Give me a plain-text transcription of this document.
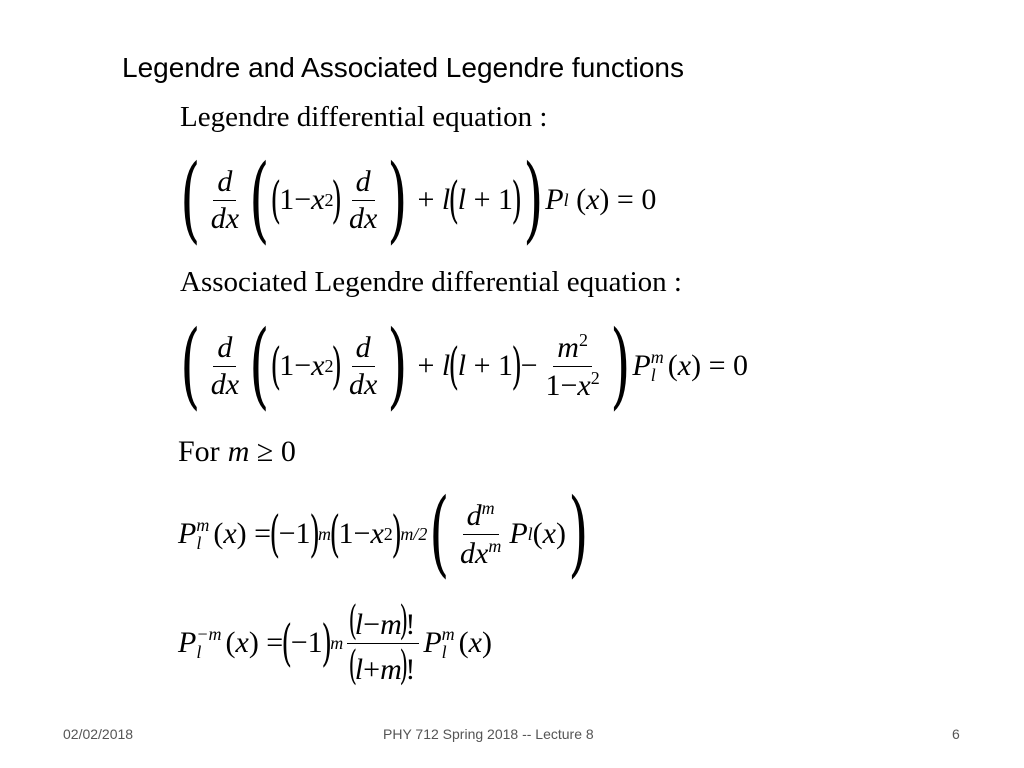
Legendre and Associated Legendre functions
Legendre differential equation :
( $\frac{d}{dx}$ ( (
1− x 2
) $\frac{d}{dx}$ ) + l
(
l + 1
) ) P l ( x ) = 0
Associated Legendre differential equation :
( $\frac{d}{dx}$ ( (
1− x 2
) $\frac{d}{dx}$ ) + l
(
l + 1
)
− $\frac{m^2}{1-x^2}$ ) P m
l ( x ) = 0
For m ≥ 0
P m
l ( x ) =
(
−1
)
m
(
1− x 2
)
m/2 ( $\frac{d^m}{dx^m}$ P l ( x ) )
P −m
l ( x ) =
(
−1
)
m $\frac{(l-m)!}{(l+m)!}$ P m
l ( x )
02/02/2018	PHY 712 Spring 2018 -- Lecture 8	6
